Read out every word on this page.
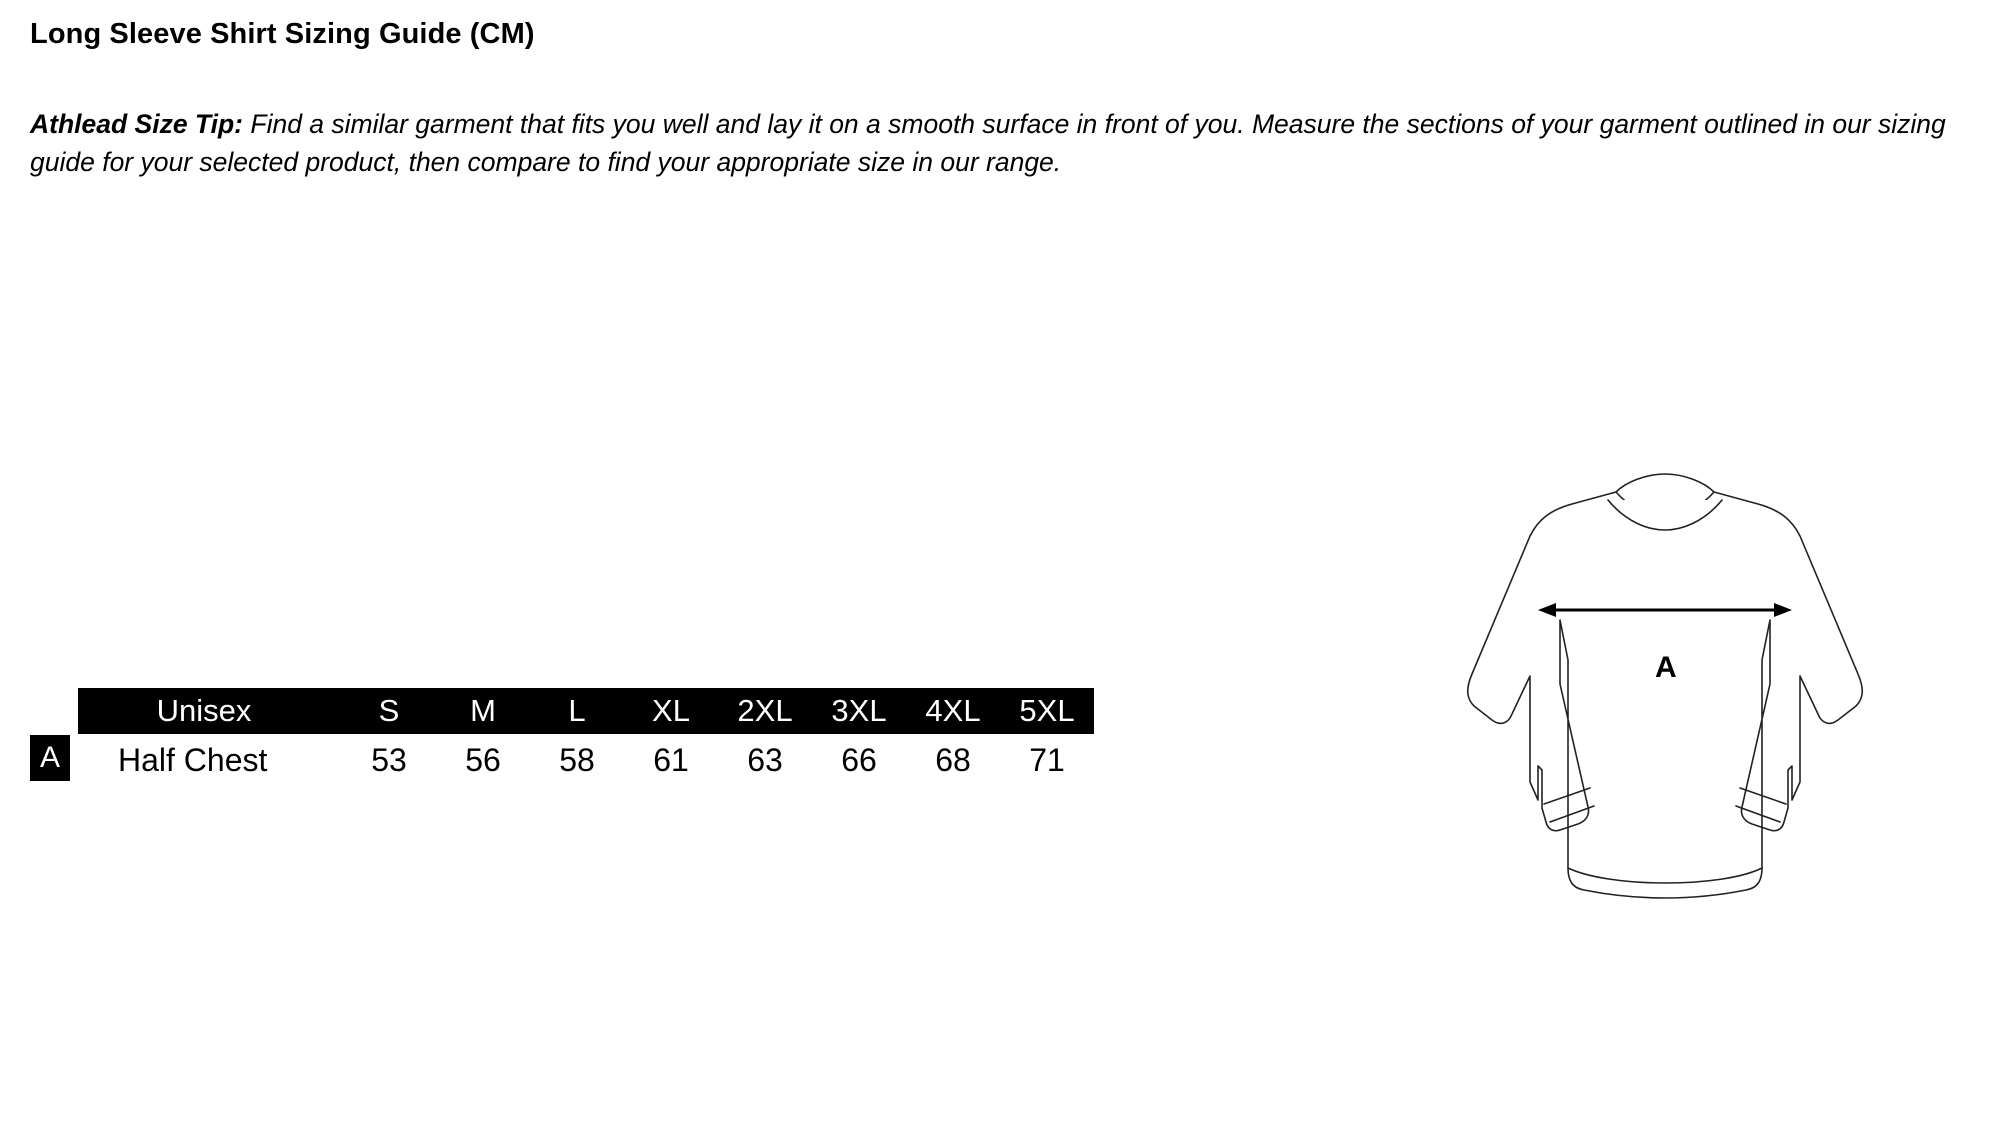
Long Sleeve Shirt Sizing Guide (CM)
Athlead Size Tip: Find a similar garment that fits you well and lay it on a smooth surface in front of you. Measure the sections of your garment outlined in our sizing guide for your selected product, then compare to find your appropriate size in our range.
A
Unisex	S	M	L	XL	2XL	3XL	4XL	5XL
Half Chest	53	56	58	61	63	66	68	71
A
